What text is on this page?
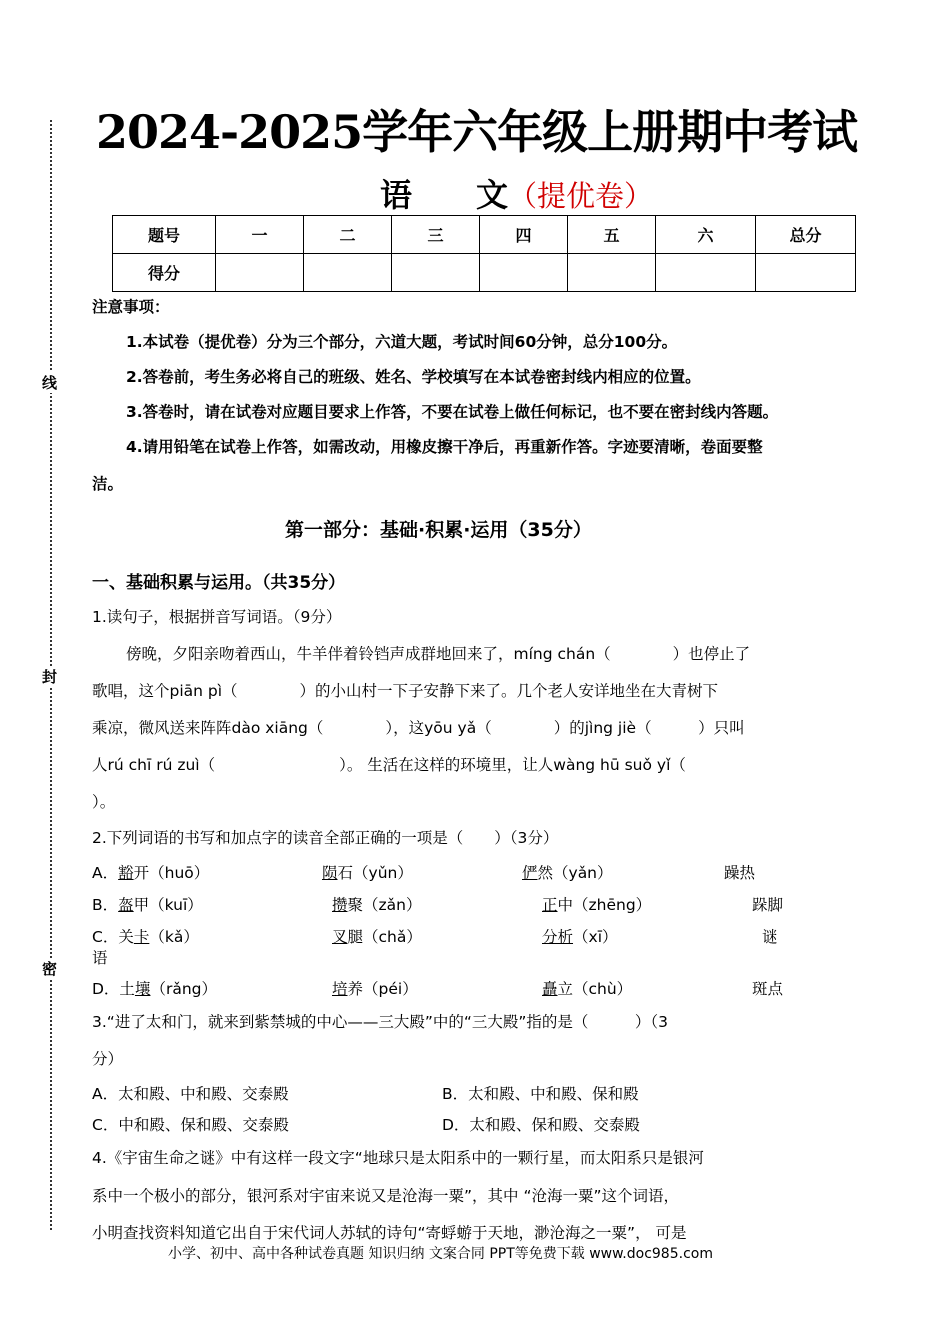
线
封
密
2024-2025学年六年级上册期中考试
语　　文（提优卷）
题号	一	二	三	四	五	六	总分
得分							
注意事项：
1.本试卷（提优卷）分为三个部分，六道大题，考试时间60分钟，总分100分。
2.答卷前，考生务必将自己的班级、姓名、学校填写在本试卷密封线内相应的位置。
3.答卷时，请在试卷对应题目要求上作答，不要在试卷上做任何标记，也不要在密封线内答题。
4.请用铅笔在试卷上作答，如需改动，用橡皮擦干净后，再重新作答。字迹要清晰，卷面要整
洁。
第一部分：基础·积累·运用（35分）
一、基础积累与运用。（共35分）
1.读句子，根据拼音写词语。（9分）
傍晚，夕阳亲吻着西山，牛羊伴着铃铛声成群地回来了，míng chán（　　　　）也停止了
歌唱，这个piān pì（　　　　）的小山村一下子安静下来了。几个老人安详地坐在大青树下
乘凉，微风送来阵阵dào xiāng（　　　　），这yōu yǎ（　　　　）的jìng jiè（　　　）只叫
人rú chī rú zuì（　　　　　　　　）。 生活在这样的环境里，让人wàng hū suǒ yǐ（
）。
2.下列词语的书写和加点字的读音全部正确的一项是（　　）（3分）
A．豁开（huō）	陨石（yǔn）	俨然（yǎn）	躁热
B．盔甲（kuī）	攒聚（zǎn）	正中（zhēng）	跺脚
C．关卡（kǎ）	叉腿（chǎ）	分析（xī）	谜
语
D．土壤（rǎng）	培养（péi）	矗立（chù）	斑点
3.“进了太和门，就来到紫禁城的中心——三大殿”中的“三大殿”指的是（　　　）（3
分）
A．太和殿、中和殿、交泰殿	B．太和殿、中和殿、保和殿
C．中和殿、保和殿、交泰殿	D．太和殿、保和殿、交泰殿
4.《宇宙生命之谜》中有这样一段文字“地球只是太阳系中的一颗行星，而太阳系只是银河
系中一个极小的部分，银河系对宇宙来说又是沧海一粟”，其中 “沧海一粟”这个词语，
小明查找资料知道它出自于宋代词人苏轼的诗句“寄蜉蝣于天地，渺沧海之一粟”， 可是
小学、初中、高中各种试卷真题 知识归纳 文案合同 PPT等免费下载 www.doc985.com
